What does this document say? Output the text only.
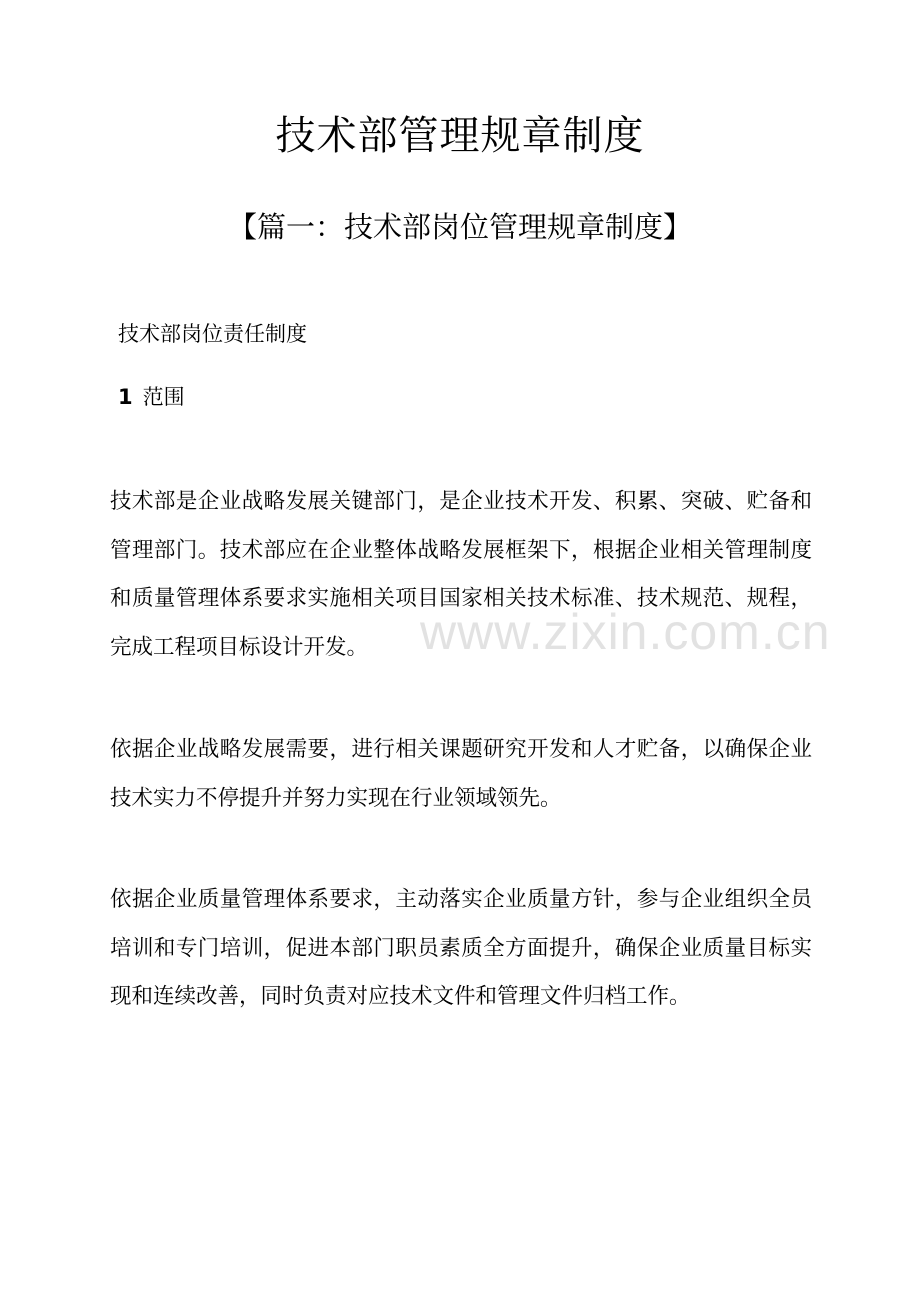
技术部管理规章制度
【篇一：技术部岗位管理规章制度】
技术部岗位责任制度
1 范围

技术部是企业战略发展关键部门，是企业技术开发、积累、突破、贮备和管理部门。技术部应在企业整体战略发展框架下，根据企业相关管理制度和质量管理体系要求实施相关项目国家相关技术标准、技术规范、规程，完成工程项目标设计开发。

依据企业战略发展需要，进行相关课题研究开发和人才贮备，以确保企业技术实力不停提升并努力实现在行业领域领先。

依据企业质量管理体系要求，主动落实企业质量方针，参与企业组织全员培训和专门培训，促进本部门职员素质全方面提升，确保企业质量目标实现和连续改善，同时负责对应技术文件和管理文件归档工作。

www.zixin.com.cn
